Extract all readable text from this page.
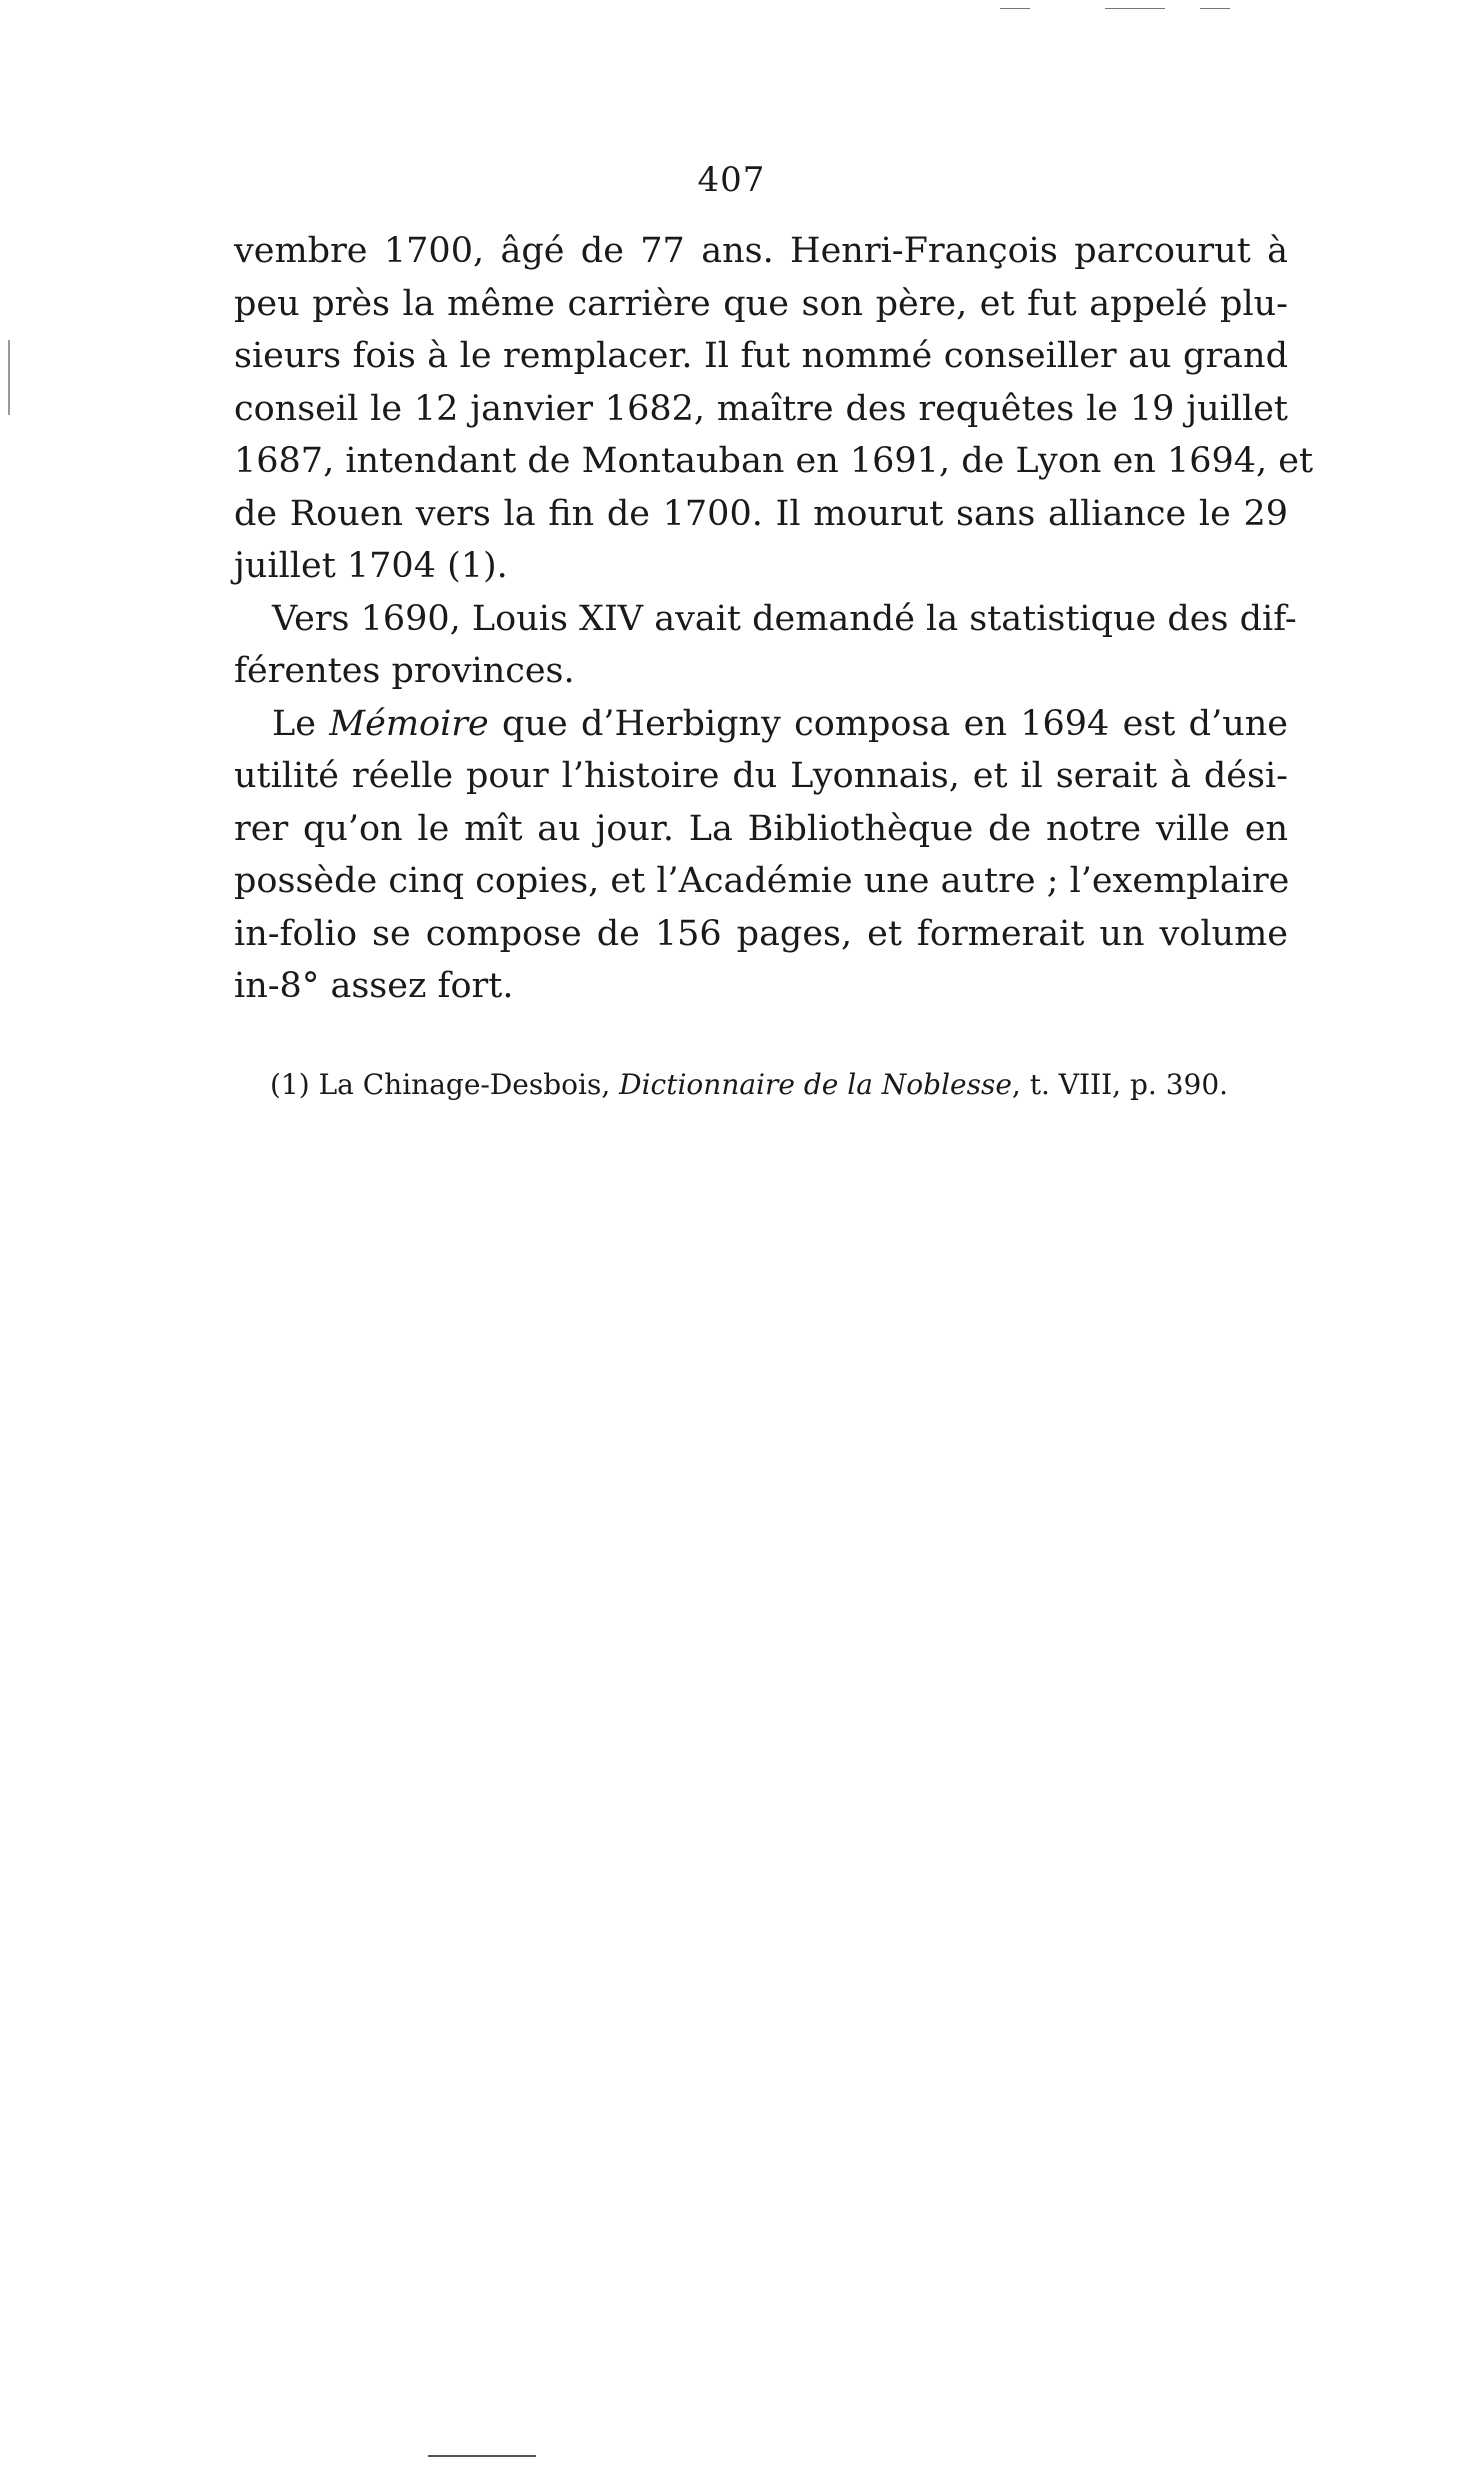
407
vembre 1700, âgé de 77 ans. Henri-François parcourut à
peu près la même carrière que son père, et fut appelé plu-
sieurs fois à le remplacer. Il fut nommé conseiller au grand
conseil le 12 janvier 1682, maître des requêtes le 19 juillet
1687, intendant de Montauban en 1691, de Lyon en 1694, et
de Rouen vers la fin de 1700. Il mourut sans alliance le 29
juillet 1704 (1).
Vers 1690, Louis XIV avait demandé la statistique des dif-
férentes provinces.
Le Mémoire que d’Herbigny composa en 1694 est d’une
utilité réelle pour l’histoire du Lyonnais, et il serait à dési-
rer qu’on le mît au jour. La Bibliothèque de notre ville en
possède cinq copies, et l’Académie une autre ; l’exemplaire
in-folio se compose de 156 pages, et formerait un volume
in-8° assez fort.
(1) La Chinage-Desbois, Dictionnaire de la Noblesse, t. VIII, p. 390.
